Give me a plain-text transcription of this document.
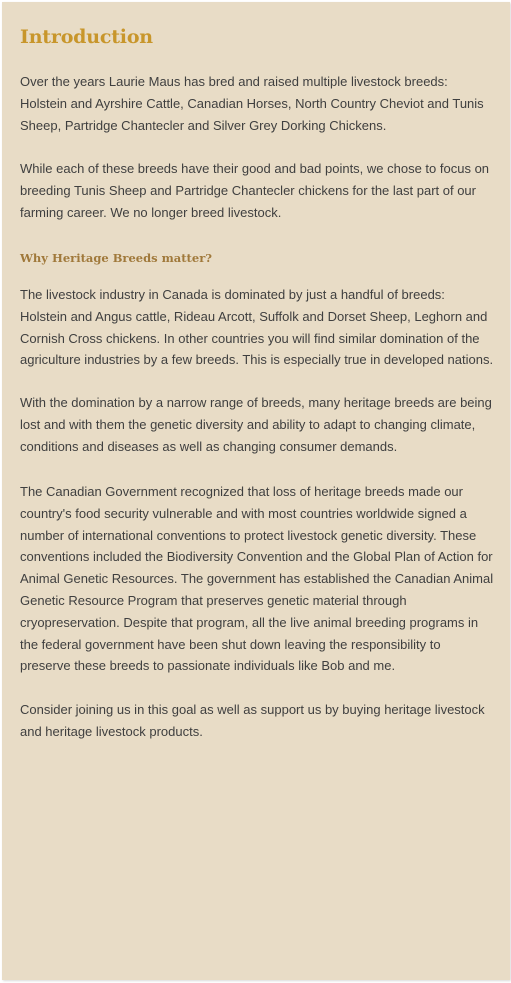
Introduction

Over the years Laurie Maus has bred and raised multiple livestock breeds: Holstein and Ayrshire Cattle, Canadian Horses, North Country Cheviot and Tunis Sheep, Partridge Chantecler and Silver Grey Dorking Chickens.

While each of these breeds have their good and bad points, we chose to focus on breeding Tunis Sheep and Partridge Chantecler chickens for the last part of our farming career. We no longer breed livestock.

Why Heritage Breeds matter?

The livestock industry in Canada is dominated by just a handful of breeds: Holstein and Angus cattle, Rideau Arcott, Suffolk and Dorset Sheep, Leghorn and Cornish Cross chickens. In other countries you will find similar domination of the agriculture industries by a few breeds. This is especially true in developed nations.

With the domination by a narrow range of breeds, many heritage breeds are being lost and with them the genetic diversity and ability to adapt to changing climate, conditions and diseases as well as changing consumer demands.

The Canadian Government recognized that loss of heritage breeds made our country's food security vulnerable and with most countries worldwide signed a number of international conventions to protect livestock genetic diversity. These conventions included the Biodiversity Convention and the Global Plan of Action for Animal Genetic Resources. The government has established the Canadian Animal Genetic Resource Program that preserves genetic material through cryopreservation. Despite that program, all the live animal breeding programs in the federal government have been shut down leaving the responsibility to preserve these breeds to passionate individuals like Bob and me.

Consider joining us in this goal as well as support us by buying heritage livestock and heritage livestock products.
